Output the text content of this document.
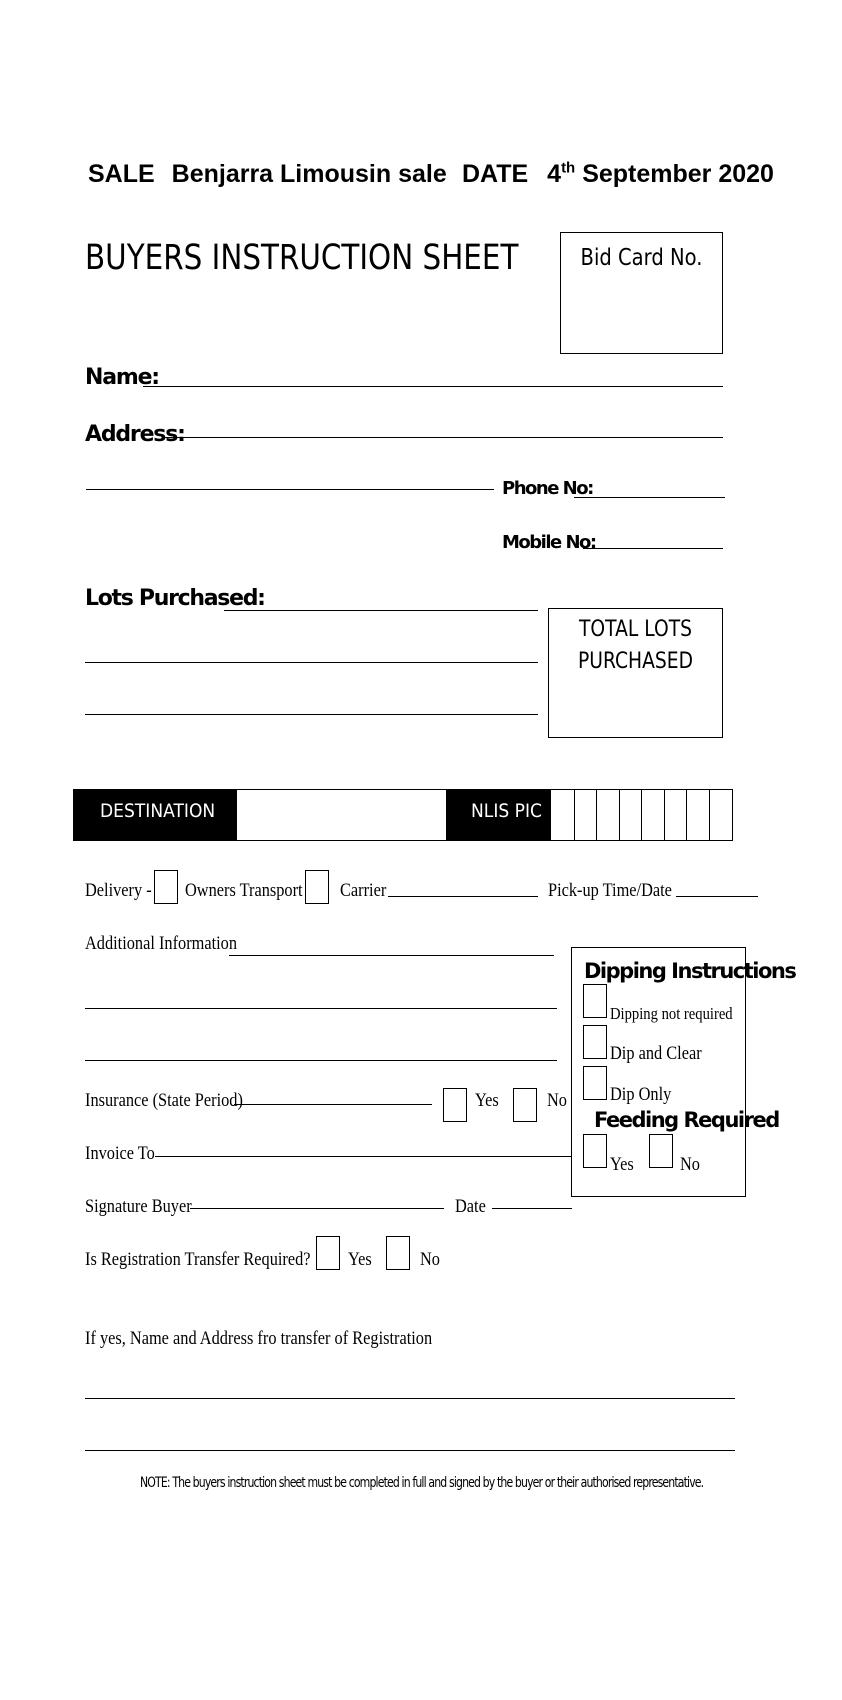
SALE Benjarra Limousin sale DATE 4th September 2020
BUYERS INSTRUCTION SHEET	Bid Card No.
Name:
Address:
Phone No:
Mobile No:
Lots Purchased:
TOTAL LOTS
PURCHASED
DESTINATION	NLIS PIC
Delivery - Owners Transport Carrier	Pick-up Time/Date
Additional Information
Dipping Instructions
Dipping not required
Dip and Clear
Dip Only
Feeding Required
Yes No
Insurance (State Period)	Yes	No
Invoice To
Signature Buyer	Date
Is Registration Transfer Required? Yes	No
If yes, Name and Address fro transfer of Registration
NOTE: The buyers instruction sheet must be completed in full and signed by the buyer or their authorised representative.
